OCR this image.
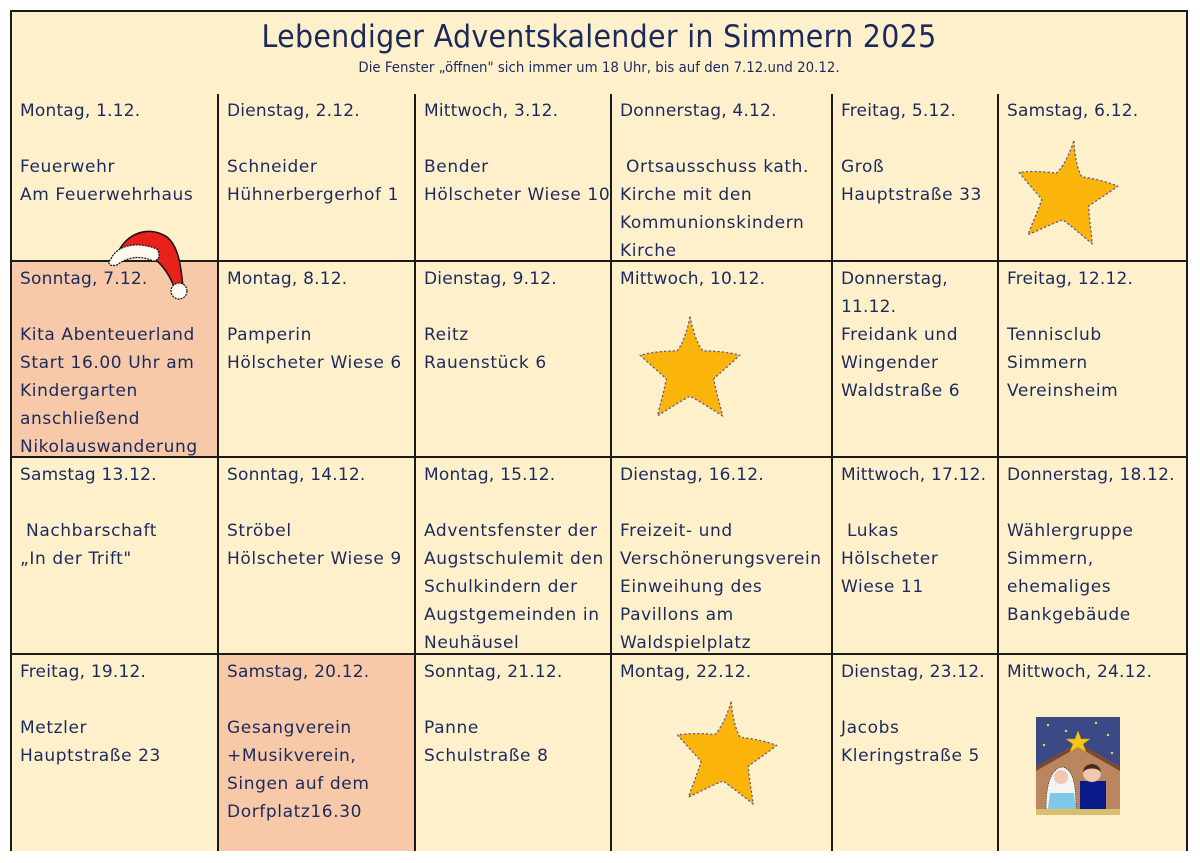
Lebendiger Adventskalender in Simmern 2025
Die Fenster „öffnen" sich immer um 18 Uhr, bis auf den 7.12.und 20.12.
Montag, 1.12.
Feuerwehr
Am Feuerwehrhaus
Dienstag, 2.12.
Schneider
Hühnerbergerhof 1
Mittwoch, 3.12.
Bender
Hölscheter Wiese 10
Donnerstag, 4.12.
Ortsausschuss kath.
Kirche mit den
Kommunionskindern
Kirche
Freitag, 5.12.
Groß
Hauptstraße 33
Samstag, 6.12.
Sonntag, 7.12.
Kita Abenteuerland
Start 16.00 Uhr am
Kindergarten
anschließend
Nikolauswanderung
Montag, 8.12.
Pamperin
Hölscheter Wiese 6
Dienstag, 9.12.
Reitz
Rauenstück 6
Mittwoch, 10.12.	Donnerstag,
11.12.
Freidank und
Wingender
Waldstraße 6
Freitag, 12.12.
Tennisclub
Simmern
Vereinsheim
Samstag 13.12.
Nachbarschaft
„In der Trift"
Sonntag, 14.12.
Ströbel
Hölscheter Wiese 9
Montag, 15.12.
Adventsfenster der
Augstschulemit den
Schulkindern der
Augstgemeinden in
Neuhäusel
Dienstag, 16.12.
Freizeit- und
Verschönerungsverein
Einweihung des
Pavillons am
Waldspielplatz
Mittwoch, 17.12.
Lukas
Hölscheter
Wiese 11
Donnerstag, 18.12.
Wählergruppe
Simmern,
ehemaliges
Bankgebäude
Freitag, 19.12.
Metzler
Hauptstraße 23
Samstag, 20.12.
Gesangverein
+Musikverein,
Singen auf dem
Dorfplatz16.30
Sonntag, 21.12.
Panne
Schulstraße 8
Montag, 22.12.	Dienstag, 23.12.
Jacobs
Kleringstraße 5
Mittwoch, 24.12.
